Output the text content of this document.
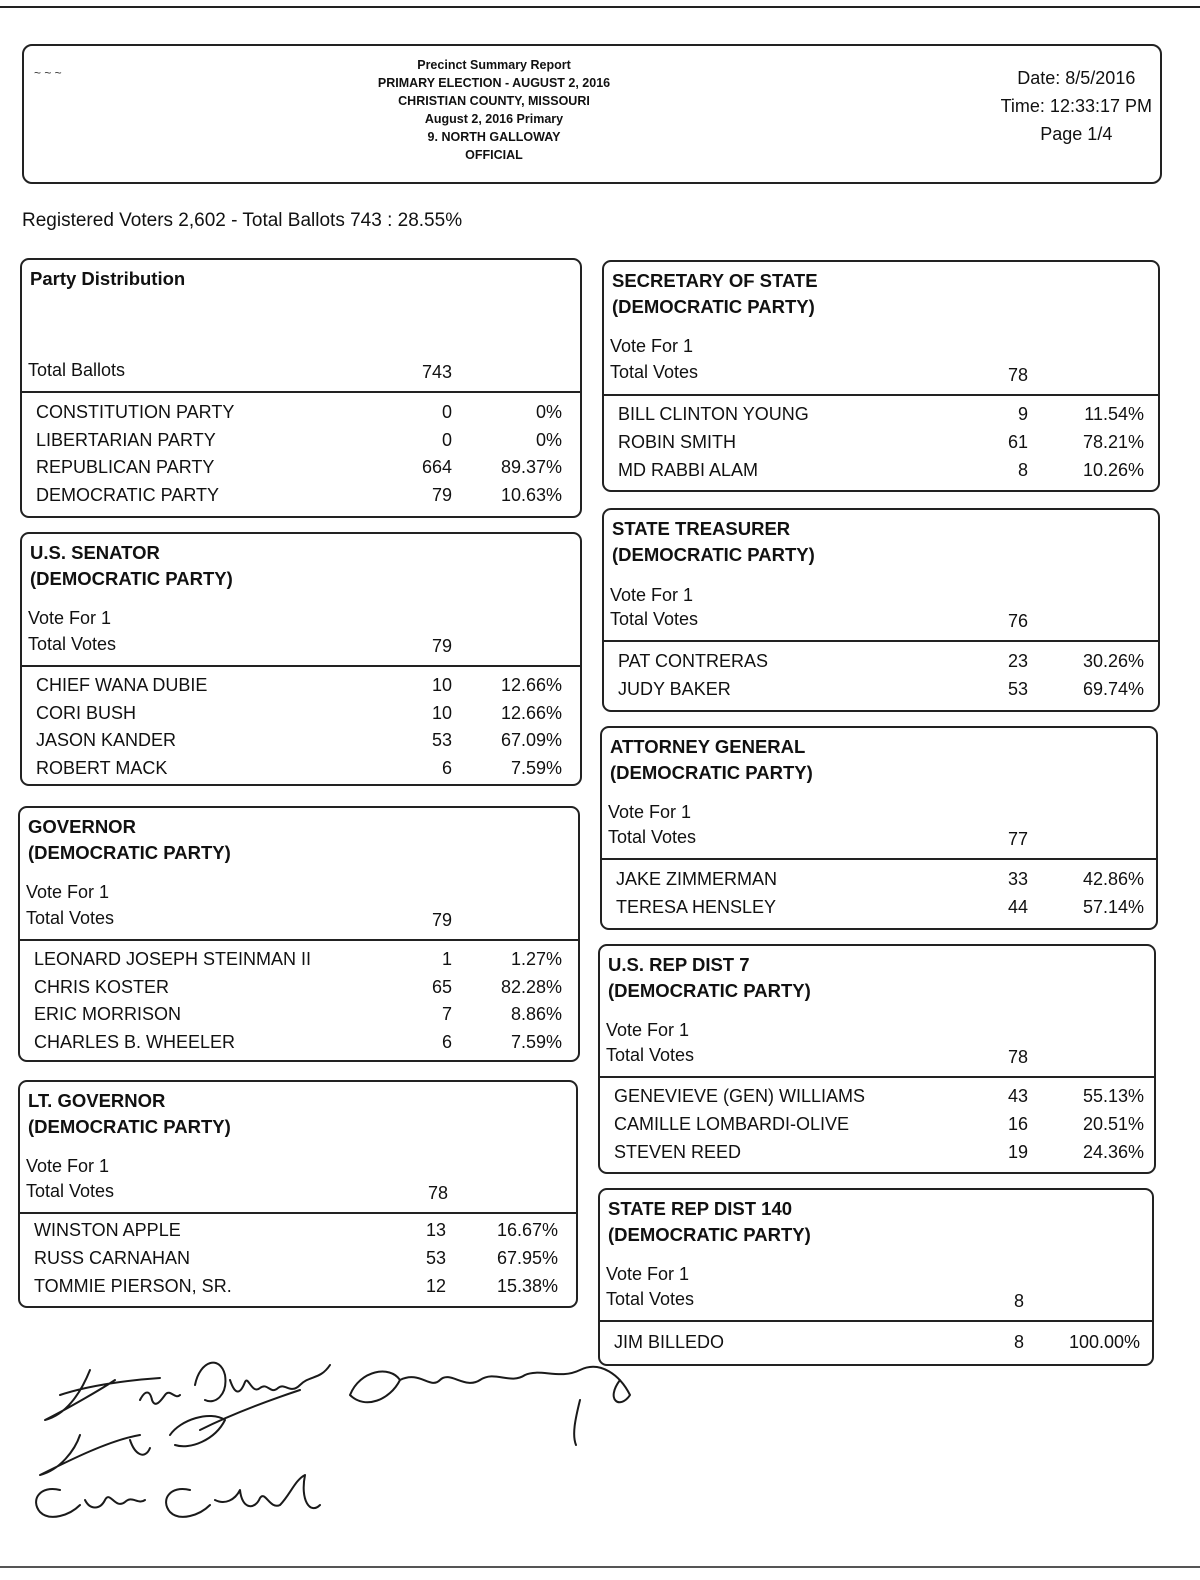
~ ~ ~
Precinct Summary Report
PRIMARY ELECTION - AUGUST 2, 2016
CHRISTIAN COUNTY, MISSOURI
August 2, 2016 Primary
9. NORTH GALLOWAY
OFFICIAL
Date: 8/5/2016
Time: 12:33:17 PM
Page 1/4
Registered Voters 2,602 - Total Ballots 743 : 28.55%
Party Distribution
Total Ballots	743
CONSTITUTION PARTY	0	0%
LIBERTARIAN PARTY	0	0%
REPUBLICAN PARTY	664	89.37%
DEMOCRATIC PARTY	79	10.63%
U.S. SENATOR
(DEMOCRATIC PARTY)
Vote For 1
Total Votes	79
CHIEF WANA DUBIE	10	12.66%
CORI BUSH	10	12.66%
JASON KANDER	53	67.09%
ROBERT MACK	6	7.59%
GOVERNOR
(DEMOCRATIC PARTY)
Vote For 1
Total Votes	79
LEONARD JOSEPH STEINMAN II	1	1.27%
CHRIS KOSTER	65	82.28%
ERIC MORRISON	7	8.86%
CHARLES B. WHEELER	6	7.59%
LT. GOVERNOR
(DEMOCRATIC PARTY)
Vote For 1
Total Votes	78
WINSTON APPLE	13	16.67%
RUSS CARNAHAN	53	67.95%
TOMMIE PIERSON, SR.	12	15.38%
SECRETARY OF STATE
(DEMOCRATIC PARTY)
Vote For 1
Total Votes	78
BILL CLINTON YOUNG	9	11.54%
ROBIN SMITH	61	78.21%
MD RABBI ALAM	8	10.26%
STATE TREASURER
(DEMOCRATIC PARTY)
Vote For 1
Total Votes	76
PAT CONTRERAS	23	30.26%
JUDY BAKER	53	69.74%
ATTORNEY GENERAL
(DEMOCRATIC PARTY)
Vote For 1
Total Votes	77
JAKE ZIMMERMAN	33	42.86%
TERESA HENSLEY	44	57.14%
U.S. REP DIST 7
(DEMOCRATIC PARTY)
Vote For 1
Total Votes	78
GENEVIEVE (GEN) WILLIAMS	43	55.13%
CAMILLE LOMBARDI-OLIVE	16	20.51%
STEVEN REED	19	24.36%
STATE REP DIST 140
(DEMOCRATIC PARTY)
Vote For 1
Total Votes	8
JIM BILLEDO	8	100.00%
